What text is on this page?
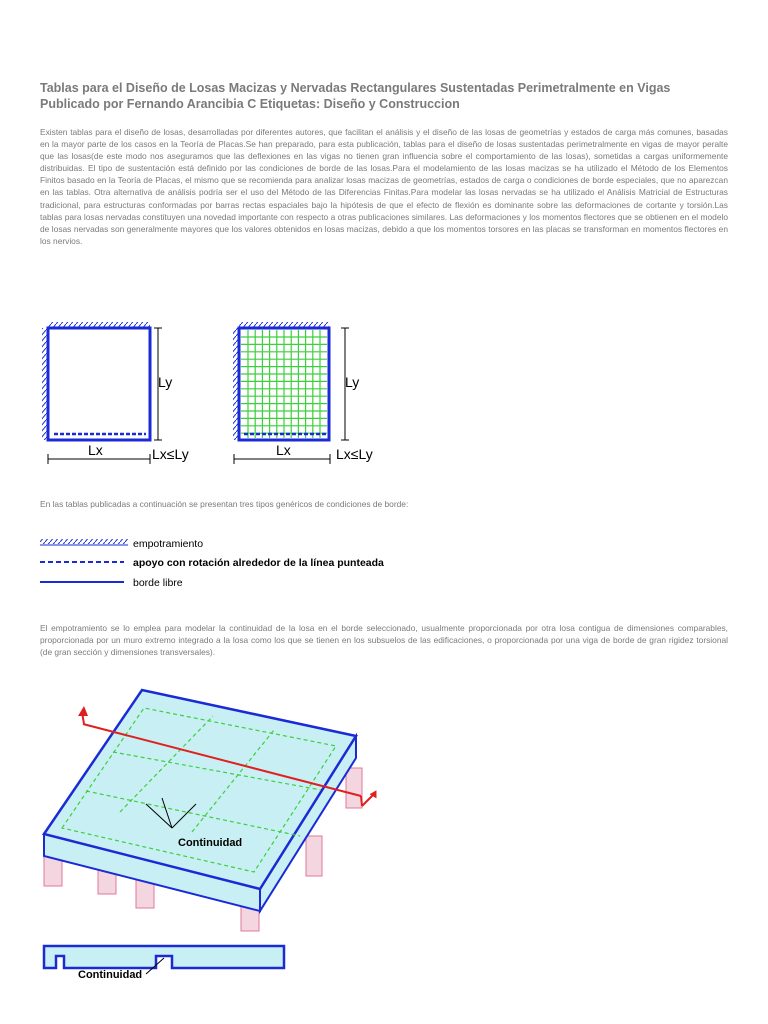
Tablas para el Diseño de Losas Macizas y Nervadas Rectangulares Sustentadas Perimetralmente en Vigas
Publicado por Fernando Arancibia C Etiquetas: Diseño y Construccion
Existen tablas para el diseño de losas, desarrolladas por diferentes autores, que facilitan el análisis y el diseño de las losas de geometrías y estados de carga más comunes, basadas en la mayor parte de los casos en la Teoría de Placas.Se han preparado, para esta publicación, tablas para el diseño de losas sustentadas perimetralmente en vigas de mayor peralte que las losas(de este modo nos aseguramos que las deflexiones en las vigas no tienen gran influencia sobre el comportamiento de las losas), sometidas a cargas uniformemente distribuidas. El tipo de sustentación está definido por las condiciones de borde de las losas.Para el modelamiento de las losas macizas se ha utilizado el Método de los Elementos Finitos basado en la Teoría de Placas, el mismo que se recomienda para analizar losas macizas de geometrías, estados de carga o condiciones de borde especiales, que no aparezcan en las tablas. Otra alternativa de análisis podría ser el uso del Método de las Diferencias Finitas.Para modelar las losas nervadas se ha utilizado el Análisis Matricial de Estructuras tradicional, para estructuras conformadas por barras rectas espaciales bajo la hipótesis de que el efecto de flexión es dominante sobre las deformaciones de cortante y torsión.Las tablas para losas nervadas constituyen una novedad importante con respecto a otras publicaciones similares. Las deformaciones y los momentos flectores que se obtienen en el modelo de losas nervadas son generalmente mayores que los valores obtenidos en losas macizas, debido a que los momentos torsores en las placas se transforman en momentos flectores en los nervios.
Ly
Lx	Lx≤Ly
Ly
Lx	Lx≤Ly
En las tablas publicadas a continuación se presentan tres tipos genéricos de condiciones de borde:
empotramiento
apoyo con rotación alrededor de la línea punteada
borde libre
El empotramiento se lo emplea para modelar la continuidad de la losa en el borde seleccionado, usualmente proporcionada por otra losa contigua de dimensiones comparables, proporcionada por un muro extremo integrado a la losa como los que se tienen en los subsuelos de las edificaciones, o proporcionada por una viga de borde de gran rigidez torsional (de gran sección y dimensiones transversales).
Continuidad
Continuidad
